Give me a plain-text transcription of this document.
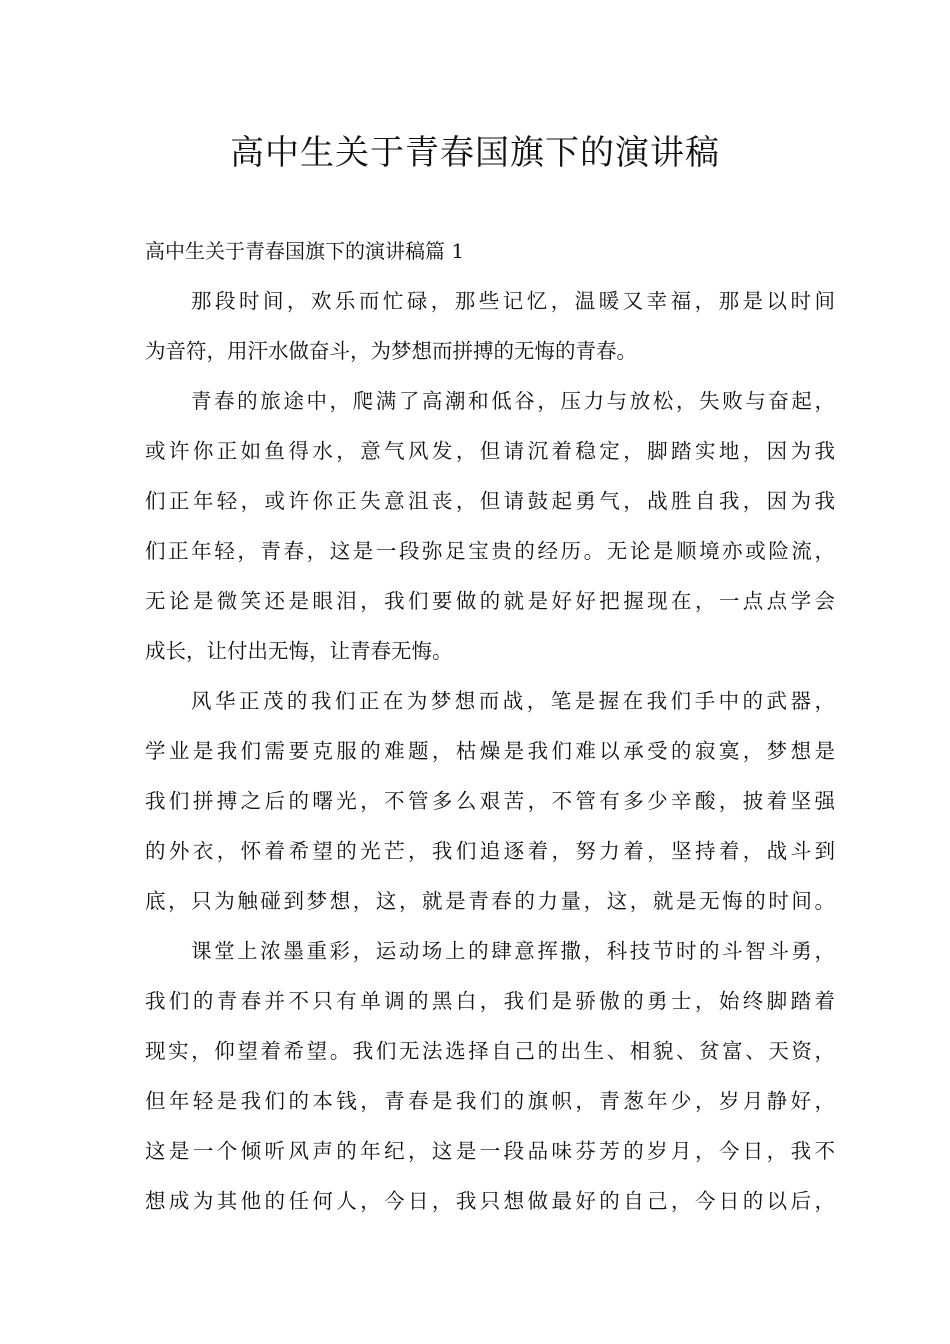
高中生关于青春国旗下的演讲稿

高中生关于青春国旗下的演讲稿篇 1

那段时间，欢乐而忙碌，那些记忆，温暖又幸福，那是以时间
为音符，用汗水做奋斗，为梦想而拼搏的无悔的青春。
青春的旅途中，爬满了高潮和低谷，压力与放松，失败与奋起，
或许你正如鱼得水，意气风发，但请沉着稳定，脚踏实地，因为我
们正年轻，或许你正失意沮丧，但请鼓起勇气，战胜自我，因为我
们正年轻，青春，这是一段弥足宝贵的经历。无论是顺境亦或险流，
无论是微笑还是眼泪，我们要做的就是好好把握现在，一点点学会
成长，让付出无悔，让青春无悔。
风华正茂的我们正在为梦想而战，笔是握在我们手中的武器，
学业是我们需要克服的难题，枯燥是我们难以承受的寂寞，梦想是
我们拼搏之后的曙光，不管多么艰苦，不管有多少辛酸，披着坚强
的外衣，怀着希望的光芒，我们追逐着，努力着，坚持着，战斗到
底，只为触碰到梦想，这，就是青春的力量，这，就是无悔的时间。
课堂上浓墨重彩，运动场上的肆意挥撒，科技节时的斗智斗勇，
我们的青春并不只有单调的黑白，我们是骄傲的勇士，始终脚踏着
现实，仰望着希望。我们无法选择自己的出生、相貌、贫富、天资，
但年轻是我们的本钱，青春是我们的旗帜，青葱年少，岁月静好，
这是一个倾听风声的年纪，这是一段品味芬芳的岁月，今日，我不
想成为其他的任何人，今日，我只想做最好的自己，今日的以后，
